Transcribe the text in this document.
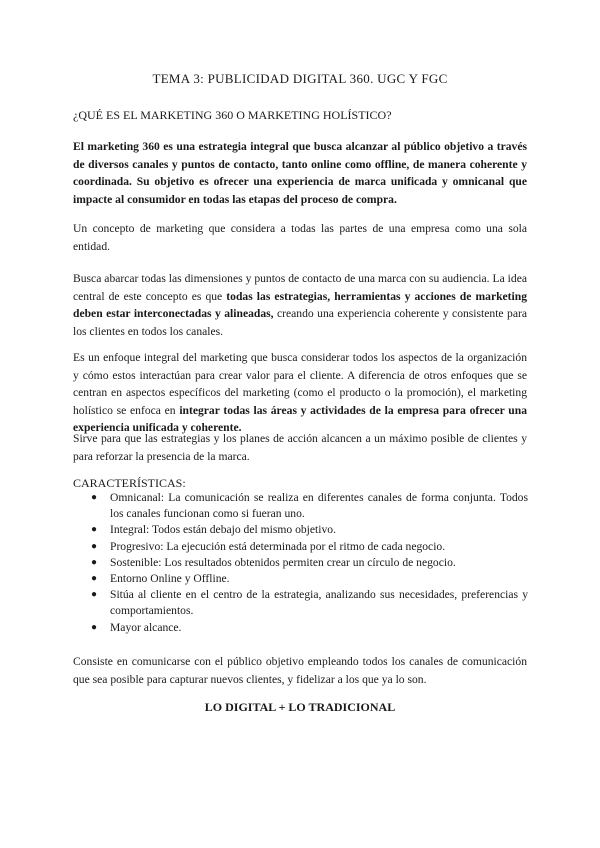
TEMA 3: PUBLICIDAD DIGITAL 360. UGC Y FGC
¿QUÉ ES EL MARKETING 360 O MARKETING HOLÍSTICO?
El marketing 360 es una estrategia integral que busca alcanzar al público objetivo a través de diversos canales y puntos de contacto, tanto online como offline, de manera coherente y coordinada. Su objetivo es ofrecer una experiencia de marca unificada y omnicanal que impacte al consumidor en todas las etapas del proceso de compra.
Un concepto de marketing que considera a todas las partes de una empresa como una sola entidad.
Busca abarcar todas las dimensiones y puntos de contacto de una marca con su audiencia. La idea central de este concepto es que todas las estrategias, herramientas y acciones de marketing deben estar interconectadas y alineadas, creando una experiencia coherente y consistente para los clientes en todos los canales.
Es un enfoque integral del marketing que busca considerar todos los aspectos de la organización y cómo estos interactúan para crear valor para el cliente. A diferencia de otros enfoques que se centran en aspectos específicos del marketing (como el producto o la promoción), el marketing holístico se enfoca en integrar todas las áreas y actividades de la empresa para ofrecer una experiencia unificada y coherente.
Sirve para que las estrategias y los planes de acción alcancen a un máximo posible de clientes y para reforzar la presencia de la marca.
CARACTERÍSTICAS:
● Omnicanal: La comunicación se realiza en diferentes canales de forma conjunta. Todos los canales funcionan como si fueran uno.
● Integral: Todos están debajo del mismo objetivo.
● Progresivo: La ejecución está determinada por el ritmo de cada negocio.
● Sostenible: Los resultados obtenidos permiten crear un círculo de negocio.
● Entorno Online y Offline.
● Sitúa al cliente en el centro de la estrategia, analizando sus necesidades, preferencias y comportamientos.
● Mayor alcance.
Consiste en comunicarse con el público objetivo empleando todos los canales de comunicación que sea posible para capturar nuevos clientes, y fidelizar a los que ya lo son.
LO DIGITAL + LO TRADICIONAL
